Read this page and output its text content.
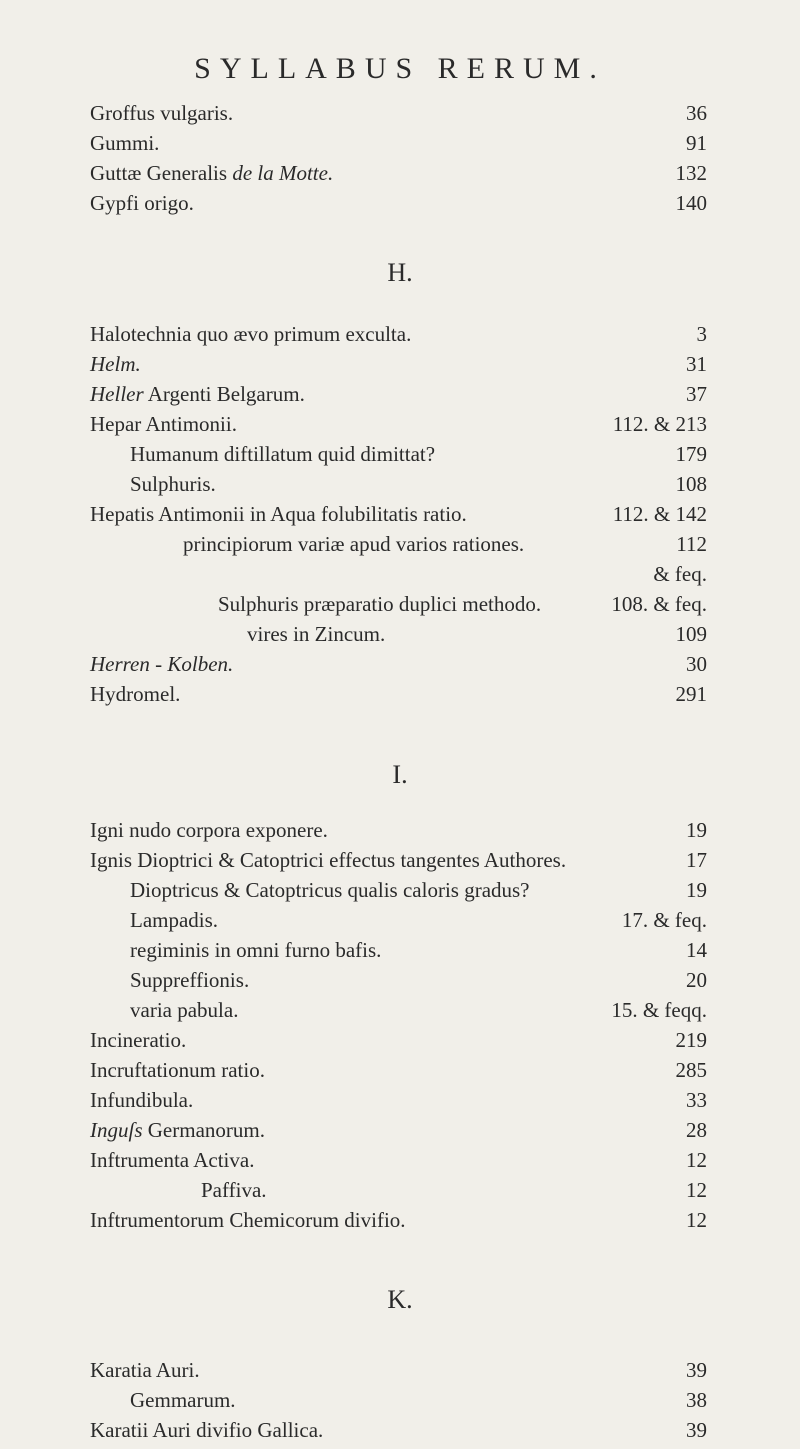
SYLLABUS RERUM.
Groffus vulgaris.	36
Gummi.	91
Guttæ Generalis de la Motte.	132
Gypfi origo.	140
H.
Halotechnia quo ævo primum exculta.	3
Helm.	31
Heller Argenti Belgarum.	37
Hepar Antimonii.	112. & 213
Humanum diftillatum quid dimittat?	179
Sulphuris.	108
Hepatis Antimonii in Aqua folubilitatis ratio.	112. & 142
principiorum variæ apud varios rationes.	112
& feq.
Sulphuris præparatio duplici methodo.	108. & feq.
vires in Zincum.	109
Herren - Kolben.	30
Hydromel.	291
I.
Igni nudo corpora exponere.	19
Ignis Dioptrici & Catoptrici effectus tangentes Authores.	17
Dioptricus & Catoptricus qualis caloris gradus?	19
Lampadis.	17. & feq.
regiminis in omni furno bafis.	14
Suppreffionis.	20
varia pabula.	15. & feqq.
Incineratio.	219
Incruftationum ratio.	285
Infundibula.	33
Inguſs Germanorum.	28
Inftrumenta Activa.	12
Paffiva.	12
Inftrumentorum Chemicorum divifio.	12
K.
Karatia Auri.	39
Gemmarum.	38
Karatii Auri divifio Gallica.	39
